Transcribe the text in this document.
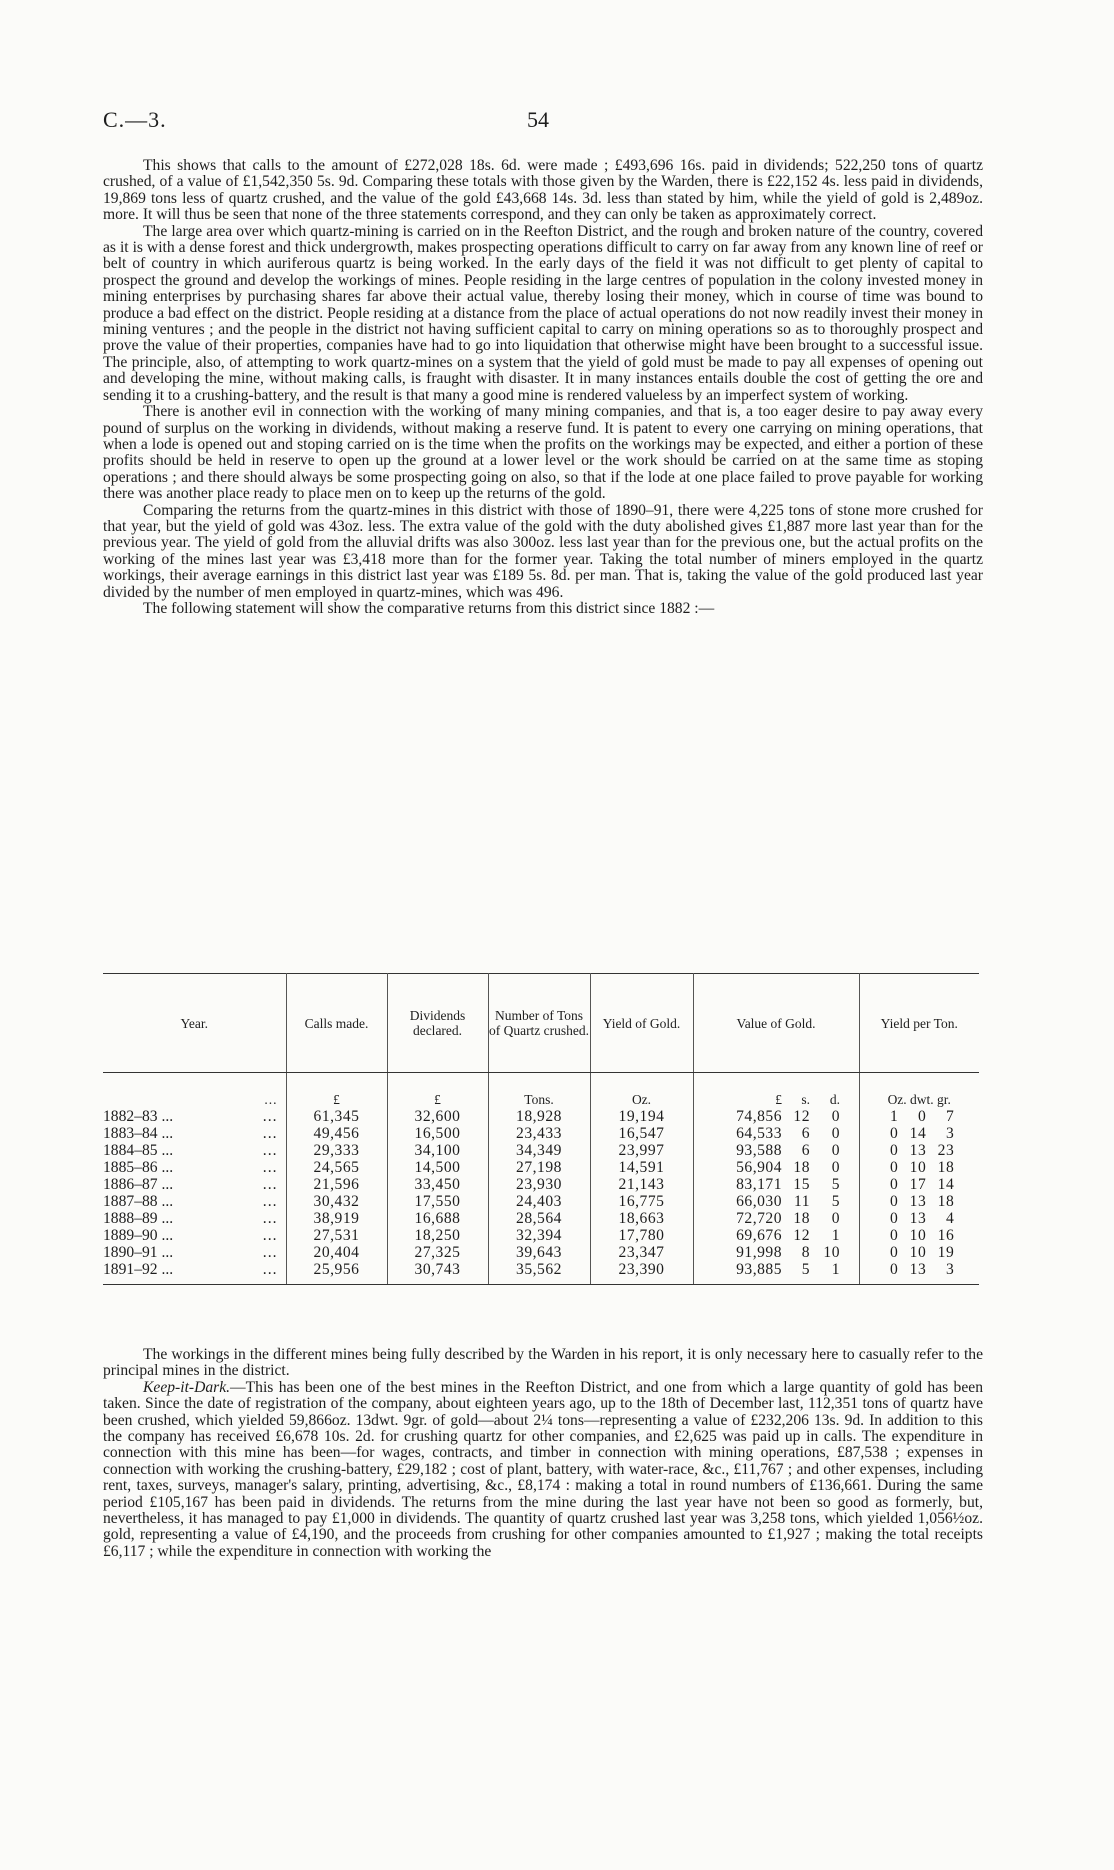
C.—3.	54

This shows that calls to the amount of £272,028 18s. 6d. were made ; £493,696 16s. paid in dividends; 522,250 tons of quartz crushed, of a value of £1,542,350 5s. 9d. Comparing these totals with those given by the Warden, there is £22,152 4s. less paid in dividends, 19,869 tons less of quartz crushed, and the value of the gold £43,668 14s. 3d. less than stated by him, while the yield of gold is 2,489oz. more. It will thus be seen that none of the three statements correspond, and they can only be taken as approximately correct.

The large area over which quartz-mining is carried on in the Reefton District, and the rough and broken nature of the country, covered as it is with a dense forest and thick undergrowth, makes prospecting operations difficult to carry on far away from any known line of reef or belt of country in which auriferous quartz is being worked. In the early days of the field it was not difficult to get plenty of capital to prospect the ground and develop the workings of mines. People residing in the large centres of population in the colony invested money in mining enterprises by purchasing shares far above their actual value, thereby losing their money, which in course of time was bound to produce a bad effect on the district. People residing at a distance from the place of actual operations do not now readily invest their money in mining ventures ; and the people in the district not having sufficient capital to carry on mining operations so as to thoroughly prospect and prove the value of their properties, companies have had to go into liquidation that otherwise might have been brought to a successful issue. The principle, also, of attempting to work quartz-mines on a system that the yield of gold must be made to pay all expenses of opening out and developing the mine, without making calls, is fraught with disaster. It in many instances entails double the cost of getting the ore and sending it to a crushing-battery, and the result is that many a good mine is rendered valueless by an imperfect system of working.

There is another evil in connection with the working of many mining companies, and that is, a too eager desire to pay away every pound of surplus on the working in dividends, without making a reserve fund. It is patent to every one carrying on mining operations, that when a lode is opened out and stoping carried on is the time when the profits on the workings may be expected, and either a portion of these profits should be held in reserve to open up the ground at a lower level or the work should be carried on at the same time as stoping operations ; and there should always be some prospecting going on also, so that if the lode at one place failed to prove payable for working there was another place ready to place men on to keep up the returns of the gold.

Comparing the returns from the quartz-mines in this district with those of 1890–91, there were 4,225 tons of stone more crushed for that year, but the yield of gold was 43oz. less. The extra value of the gold with the duty abolished gives £1,887 more last year than for the previous year. The yield of gold from the alluvial drifts was also 300oz. less last year than for the previous one, but the actual profits on the working of the mines last year was £3,418 more than for the former year. Taking the total number of miners employed in the quartz workings, their average earnings in this district last year was £189 5s. 8d. per man. That is, taking the value of the gold produced last year divided by the number of men employed in quartz-mines, which was 496.

The following statement will show the comparative returns from this district since 1882 :—

Year.	Calls made.	Dividends declared.	Number of Tons of Quartz crushed.	Yield of Gold.	Value of Gold.	Yield per Ton.

...	£	£	Tons.	Oz.	£ s. d.	Oz. dwt. gr.
1882–83 ... ...	61,345	32,600	18,928	19,194	74,856 12 0	1 0 7
1883–84 ... ...	49,456	16,500	23,433	16,547	64,533 6 0	0 14 3
1884–85 ... ...	29,333	34,100	34,349	23,997	93,588 6 0	0 13 23
1885–86 ... ...	24,565	14,500	27,198	14,591	56,904 18 0	0 10 18
1886–87 ... ...	21,596	33,450	23,930	21,143	83,171 15 5	0 17 14
1887–88 ... ...	30,432	17,550	24,403	16,775	66,030 11 5	0 13 18
1888–89 ... ...	38,919	16,688	28,564	18,663	72,720 18 0	0 13 4
1889–90 ... ...	27,531	18,250	32,394	17,780	69,676 12 1	0 10 16
1890–91 ... ...	20,404	27,325	39,643	23,347	91,998 8 10	0 10 19
1891–92 ... ...	25,956	30,743	35,562	23,390	93,885 5 1	0 13 3

The workings in the different mines being fully described by the Warden in his report, it is only necessary here to casually refer to the principal mines in the district.

Keep-it-Dark.—This has been one of the best mines in the Reefton District, and one from which a large quantity of gold has been taken. Since the date of registration of the company, about eighteen years ago, up to the 18th of December last, 112,351 tons of quartz have been crushed, which yielded 59,866oz. 13dwt. 9gr. of gold—about 2¼ tons—representing a value of £232,206 13s. 9d. In addition to this the company has received £6,678 10s. 2d. for crushing quartz for other companies, and £2,625 was paid up in calls. The expenditure in connection with this mine has been—for wages, contracts, and timber in connection with mining operations, £87,538 ; expenses in connection with working the crushing-battery, £29,182 ; cost of plant, battery, with water-race, &c., £11,767 ; and other expenses, including rent, taxes, surveys, manager's salary, printing, advertising, &c., £8,174 : making a total in round numbers of £136,661. During the same period £105,167 has been paid in dividends. The returns from the mine during the last year have not been so good as formerly, but, nevertheless, it has managed to pay £1,000 in dividends. The quantity of quartz crushed last year was 3,258 tons, which yielded 1,056½oz. gold, representing a value of £4,190, and the proceeds from crushing for other companies amounted to £1,927 ; making the total receipts £6,117 ; while the expenditure in connection with working the
